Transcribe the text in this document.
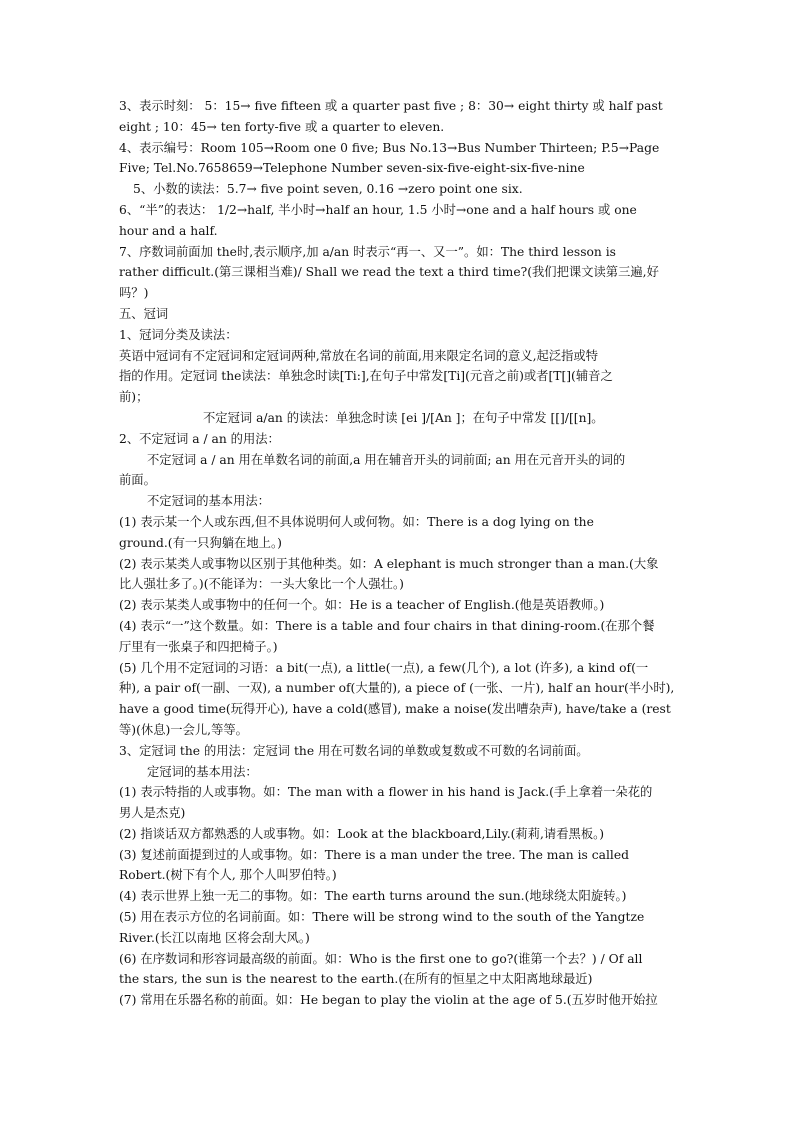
3、表示时刻： 5：15→ five fifteen 或 a quarter past five ; 8：30→ eight thirty 或 half past
eight ; 10：45→ ten forty-five 或 a quarter to eleven.
4、表示编号：Room 105→Room one 0 five; Bus No.13→Bus Number Thirteen; P.5→Page
Five; Tel.No.7658659→Telephone Number seven-six-five-eight-six-five-nine
5、小数的读法：5.7→ five point seven, 0.16 →zero point one six.
6、“半”的表达： 1/2→half, 半小时→half an hour, 1.5 小时→one and a half hours 或 one
hour and a half.
7、序数词前面加 the时,表示顺序,加 a/an 时表示“再一、又一”。如：The third lesson is
rather difficult.(第三课相当难)/ Shall we read the text a third time?(我们把课文读第三遍,好
吗？)
五、冠词
1、冠词分类及读法：
英语中冠词有不定冠词和定冠词两种,常放在名词的前面,用来限定名词的意义,起泛指或特
指的作用。定冠词 the读法：单独念时读[Ti:],在句子中常发[Ti](元音之前)或者[T[](辅音之
前)；
不定冠词 a/an 的读法：单独念时读 [ei ]/[An ]；在句子中常发 [[]/[[n]。
2、不定冠词 a / an 的用法：
不定冠词 a / an 用在单数名词的前面,a 用在辅音开头的词前面; an 用在元音开头的词的
前面。
不定冠词的基本用法：
(1) 表示某一个人或东西,但不具体说明何人或何物。如：There is a dog lying on the
ground.(有一只狗躺在地上。)
(2) 表示某类人或事物以区别于其他种类。如：A elephant is much stronger than a man.(大象
比人强壮多了。)(不能译为：一头大象比一个人强壮。)
(2) 表示某类人或事物中的任何一个。如：He is a teacher of English.(他是英语教师。)
(4) 表示“一”这个数量。如：There is a table and four chairs in that dining-room.(在那个餐
厅里有一张桌子和四把椅子。)
(5) 几个用不定冠词的习语：a bit(一点), a little(一点), a few(几个), a lot (许多), a kind of(一
种), a pair of(一副、一双), a number of(大量的), a piece of (一张、一片), half an hour(半小时),
have a good time(玩得开心), have a cold(感冒), make a noise(发出嘈杂声), have/take a (rest
等)(休息)一会儿,等等。
3、定冠词 the 的用法：定冠词 the 用在可数名词的单数或复数或不可数的名词前面。
定冠词的基本用法：
(1) 表示特指的人或事物。如：The man with a flower in his hand is Jack.(手上拿着一朵花的
男人是杰克)
(2) 指谈话双方都熟悉的人或事物。如：Look at the blackboard,Lily.(莉莉,请看黑板。)
(3) 复述前面提到过的人或事物。如：There is a man under the tree. The man is called
Robert.(树下有个人, 那个人叫罗伯特。)
(4) 表示世界上独一无二的事物。如：The earth turns around the sun.(地球绕太阳旋转。)
(5) 用在表示方位的名词前面。如：There will be strong wind to the south of the Yangtze
River.(长江以南地 区将会刮大风。)
(6) 在序数词和形容词最高级的前面。如：Who is the first one to go?(谁第一个去？) / Of all
the stars, the sun is the nearest to the earth.(在所有的恒星之中太阳离地球最近)
(7) 常用在乐器名称的前面。如：He began to play the violin at the age of 5.(五岁时他开始拉
